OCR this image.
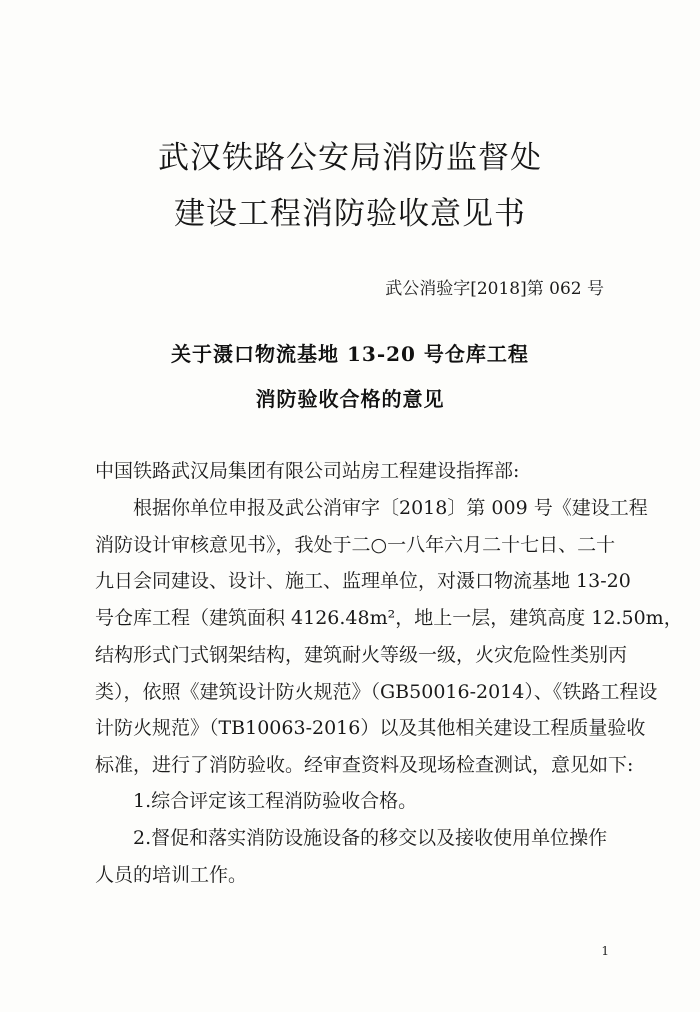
武汉铁路公安局消防监督处
建设工程消防验收意见书
武公消验字[2018]第 062 号
关于滠口物流基地 13-20 号仓库工程
消防验收合格的意见
中国铁路武汉局集团有限公司站房工程建设指挥部:
　　根据你单位申报及武公消审字〔2018〕第 009 号《建设工程
消防设计审核意见书》，我处于二○一八年六月二十七日、二十
九日会同建设、设计、施工、监理单位，对滠口物流基地 13-20
号仓库工程（建筑面积 4126.48m²，地上一层，建筑高度 12.50m，
结构形式门式钢架结构，建筑耐火等级一级，火灾危险性类别丙
类），依照《建筑设计防火规范》（GB50016-2014）、《铁路工程设
计防火规范》（TB10063-2016）以及其他相关建设工程质量验收
标准，进行了消防验收。经审查资料及现场检查测试，意见如下:
　　1.综合评定该工程消防验收合格。
　　2.督促和落实消防设施设备的移交以及接收使用单位操作
人员的培训工作。
1
